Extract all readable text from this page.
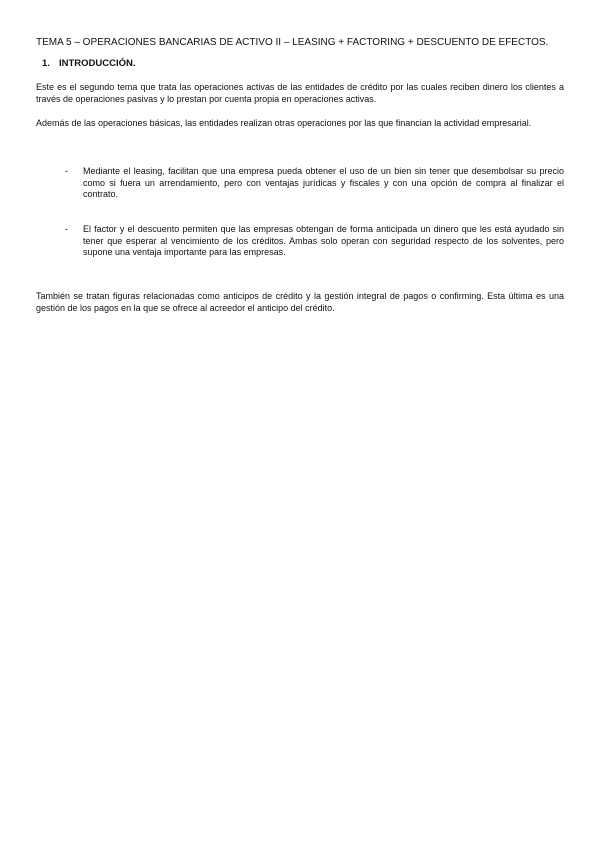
TEMA 5 – OPERACIONES BANCARIAS DE ACTIVO II – LEASING + FACTORING + DESCUENTO DE EFECTOS.
1. INTRODUCCIÓN.

Este es el segundo tema que trata las operaciones activas de las entidades de crédito por las cuales reciben dinero los clientes a través de operaciones pasivas y lo prestan por cuenta propia en operaciones activas.

Además de las operaciones básicas, las entidades realizan otras operaciones por las que financian la actividad empresarial.

- Mediante el leasing, facilitan que una empresa pueda obtener el uso de un bien sin tener que desembolsar su precio como si fuera un arrendamiento, pero con ventajas jurídicas y fiscales y con una opción de compra al finalizar el contrato.
- El factor y el descuento permiten que las empresas obtengan de forma anticipada un dinero que les está ayudado sin tener que esperar al vencimiento de los créditos. Ambas solo operan con seguridad respecto de los solventes, pero supone una ventaja importante para las empresas.

También se tratan figuras relacionadas como anticipos de crédito y la gestión integral de pagos o confirming. Esta última es una gestión de los pagos en la que se ofrece al acreedor el anticipo del crédito.
